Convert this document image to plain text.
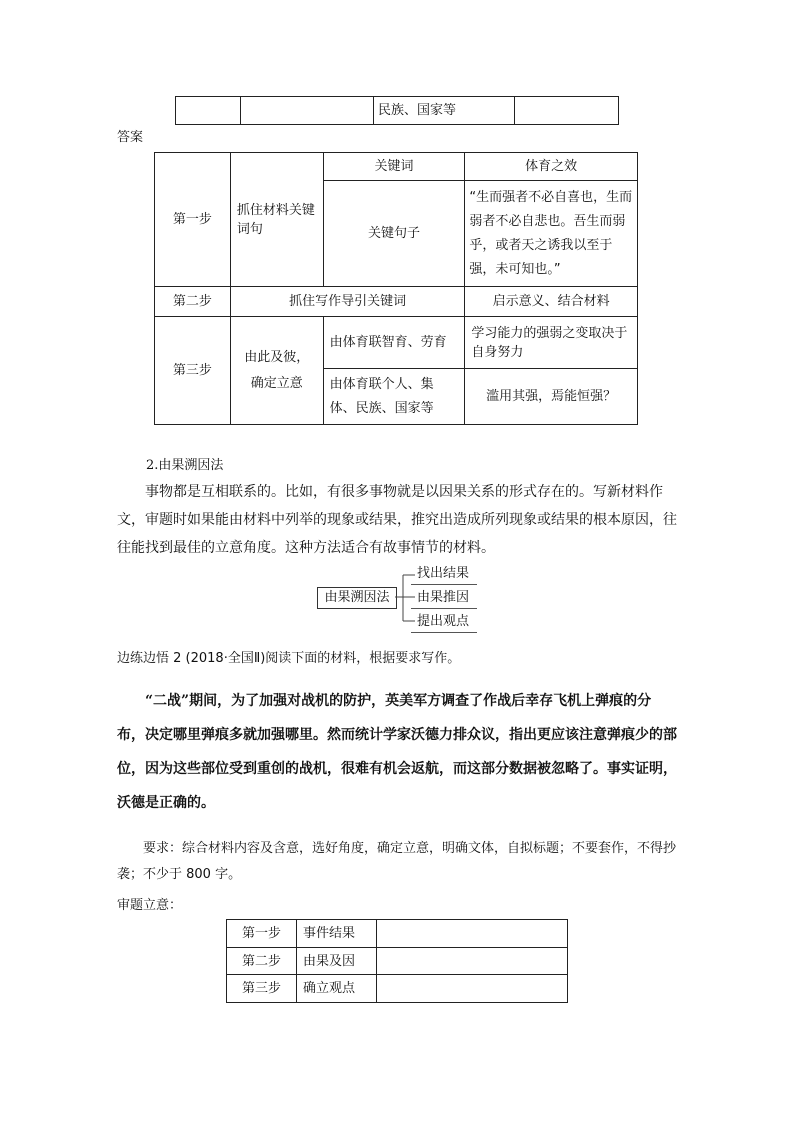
		民族、国家等	
答案
第一步	抓住材料关键词句	关键词	体育之效
		关键句子	“生而强者不必自喜也，生而弱者不必自悲也。吾生而弱乎，或者天之诱我以至于强，未可知也。”
第二步	抓住写作导引关键词		启示意义、结合材料
第三步	由此及彼，确定立意	由体育联智育、劳育	学习能力的强弱之变取决于自身努力
		由体育联个人、集体、民族、国家等	滥用其强，焉能恒强？
2.由果溯因法
事物都是互相联系的。比如，有很多事物就是以因果关系的形式存在的。写新材料作文，审题时如果能由材料中列举的现象或结果，推究出造成所列现象或结果的根本原因，往往能找到最佳的立意角度。这种方法适合有故事情节的材料。
由果溯因法
找出结果
由果推因
提出观点
边练边悟 2 (2018·全国Ⅱ)阅读下面的材料，根据要求写作。
“二战”期间，为了加强对战机的防护，英美军方调查了作战后幸存飞机上弹痕的分布，决定哪里弹痕多就加强哪里。然而统计学家沃德力排众议，指出更应该注意弹痕少的部位，因为这些部位受到重创的战机，很难有机会返航，而这部分数据被忽略了。事实证明，沃德是正确的。
要求：综合材料内容及含意，选好角度，确定立意，明确文体，自拟标题；不要套作，不得抄袭；不少于 800 字。
审题立意：
第一步	事件结果	
第二步	由果及因	
第三步	确立观点	
